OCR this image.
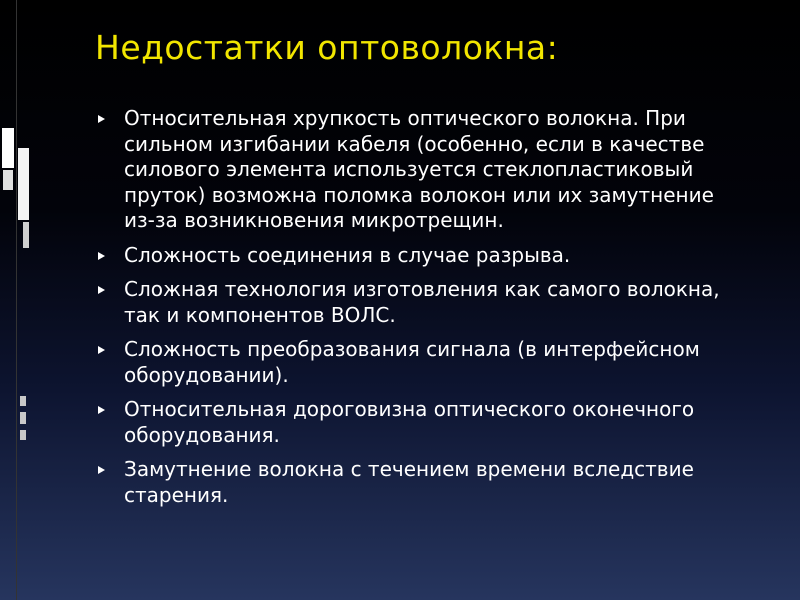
Недостатки оптоволокна:
Относительная хрупкость оптического волокна. При сильном изгибании кабеля (особенно, если в качестве силового элемента используется стеклопластиковый пруток) возможна поломка волокон или их замутнение из-за возникновения микротрещин.
Сложность соединения в случае разрыва.
Сложная технология изготовления как самого волокна, так и компонентов ВОЛС.
Сложность преобразования сигнала (в интерфейсном оборудовании).
Относительная дороговизна оптического оконечного оборудования.
Замутнение волокна с течением времени вследствие старения.
